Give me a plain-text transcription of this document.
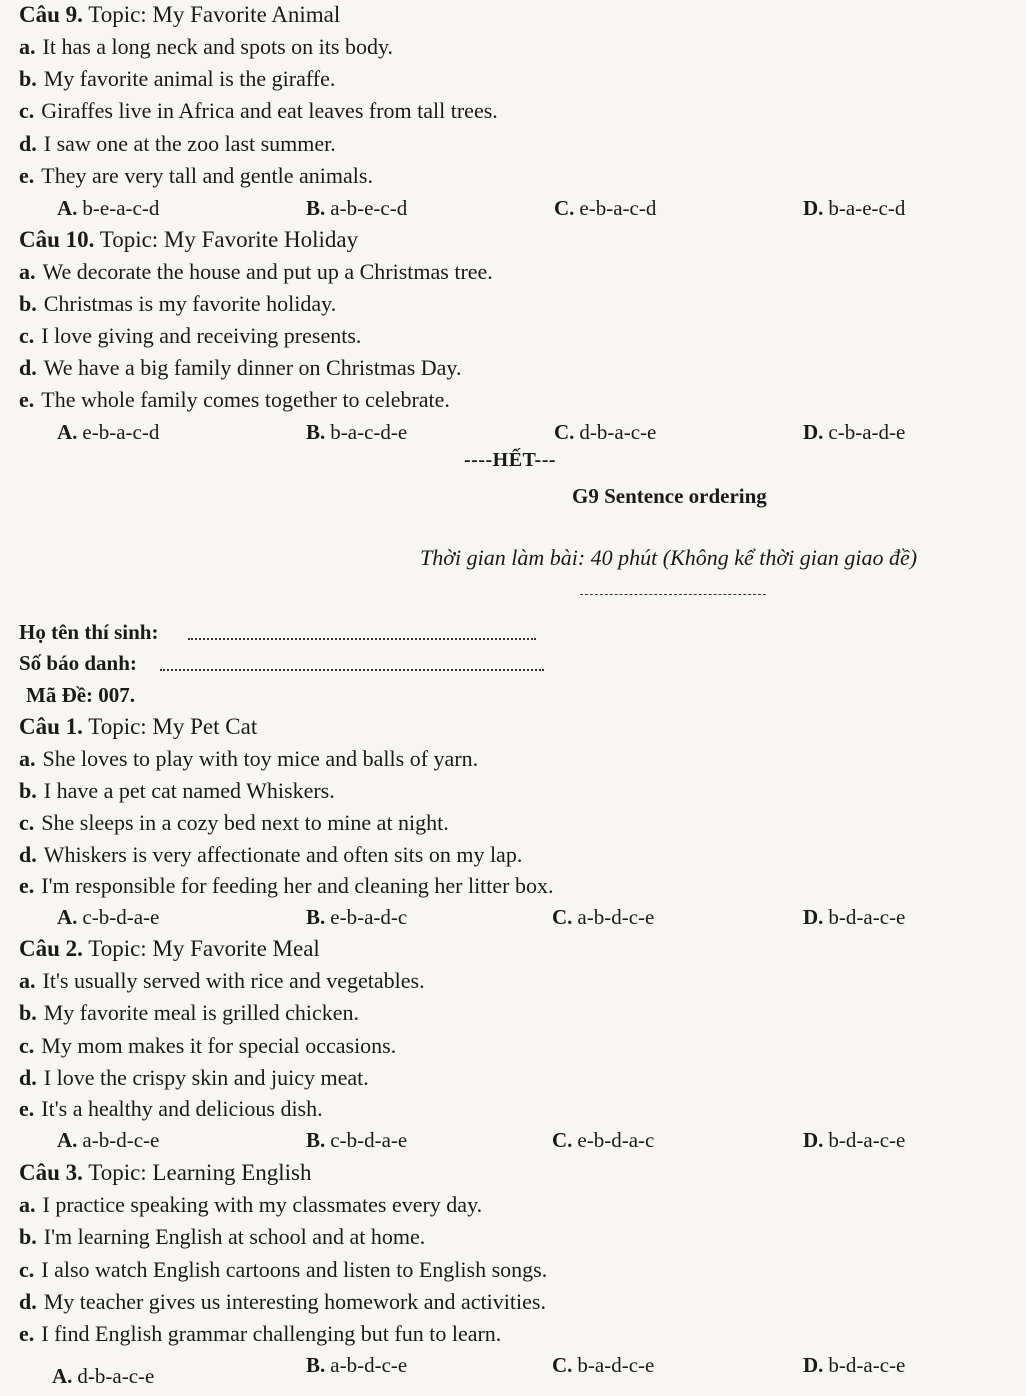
Câu 9. Topic: My Favorite Animal
a. It has a long neck and spots on its body.
b. My favorite animal is the giraffe.
c. Giraffes live in Africa and eat leaves from tall trees.
d. I saw one at the zoo last summer.
e. They are very tall and gentle animals.
A. b-e-a-c-d	B. a-b-e-c-d	C. e-b-a-c-d	D. b-a-e-c-d
Câu 10. Topic: My Favorite Holiday
a. We decorate the house and put up a Christmas tree.
b. Christmas is my favorite holiday.
c. I love giving and receiving presents.
d. We have a big family dinner on Christmas Day.
e. The whole family comes together to celebrate.
A. e-b-a-c-d	B. b-a-c-d-e	C. d-b-a-c-e	D. c-b-a-d-e
----HẾT---
G9 Sentence ordering
Thời gian làm bài: 40 phút (Không kể thời gian giao đề)
Họ tên thí sinh:
Số báo danh:
Mã Đề: 007.
Câu 1. Topic: My Pet Cat
a. She loves to play with toy mice and balls of yarn.
b. I have a pet cat named Whiskers.
c. She sleeps in a cozy bed next to mine at night.
d. Whiskers is very affectionate and often sits on my lap.
e. I'm responsible for feeding her and cleaning her litter box.
A. c-b-d-a-e	B. e-b-a-d-c	C. a-b-d-c-e	D. b-d-a-c-e
Câu 2. Topic: My Favorite Meal
a. It's usually served with rice and vegetables.
b. My favorite meal is grilled chicken.
c. My mom makes it for special occasions.
d. I love the crispy skin and juicy meat.
e. It's a healthy and delicious dish.
A. a-b-d-c-e	B. c-b-d-a-e	C. e-b-d-a-c	D. b-d-a-c-e
Câu 3. Topic: Learning English
a. I practice speaking with my classmates every day.
b. I'm learning English at school and at home.
c. I also watch English cartoons and listen to English songs.
d. My teacher gives us interesting homework and activities.
e. I find English grammar challenging but fun to learn.
A. d-b-a-c-e	B. a-b-d-c-e	C. b-a-d-c-e	D. b-d-a-c-e
